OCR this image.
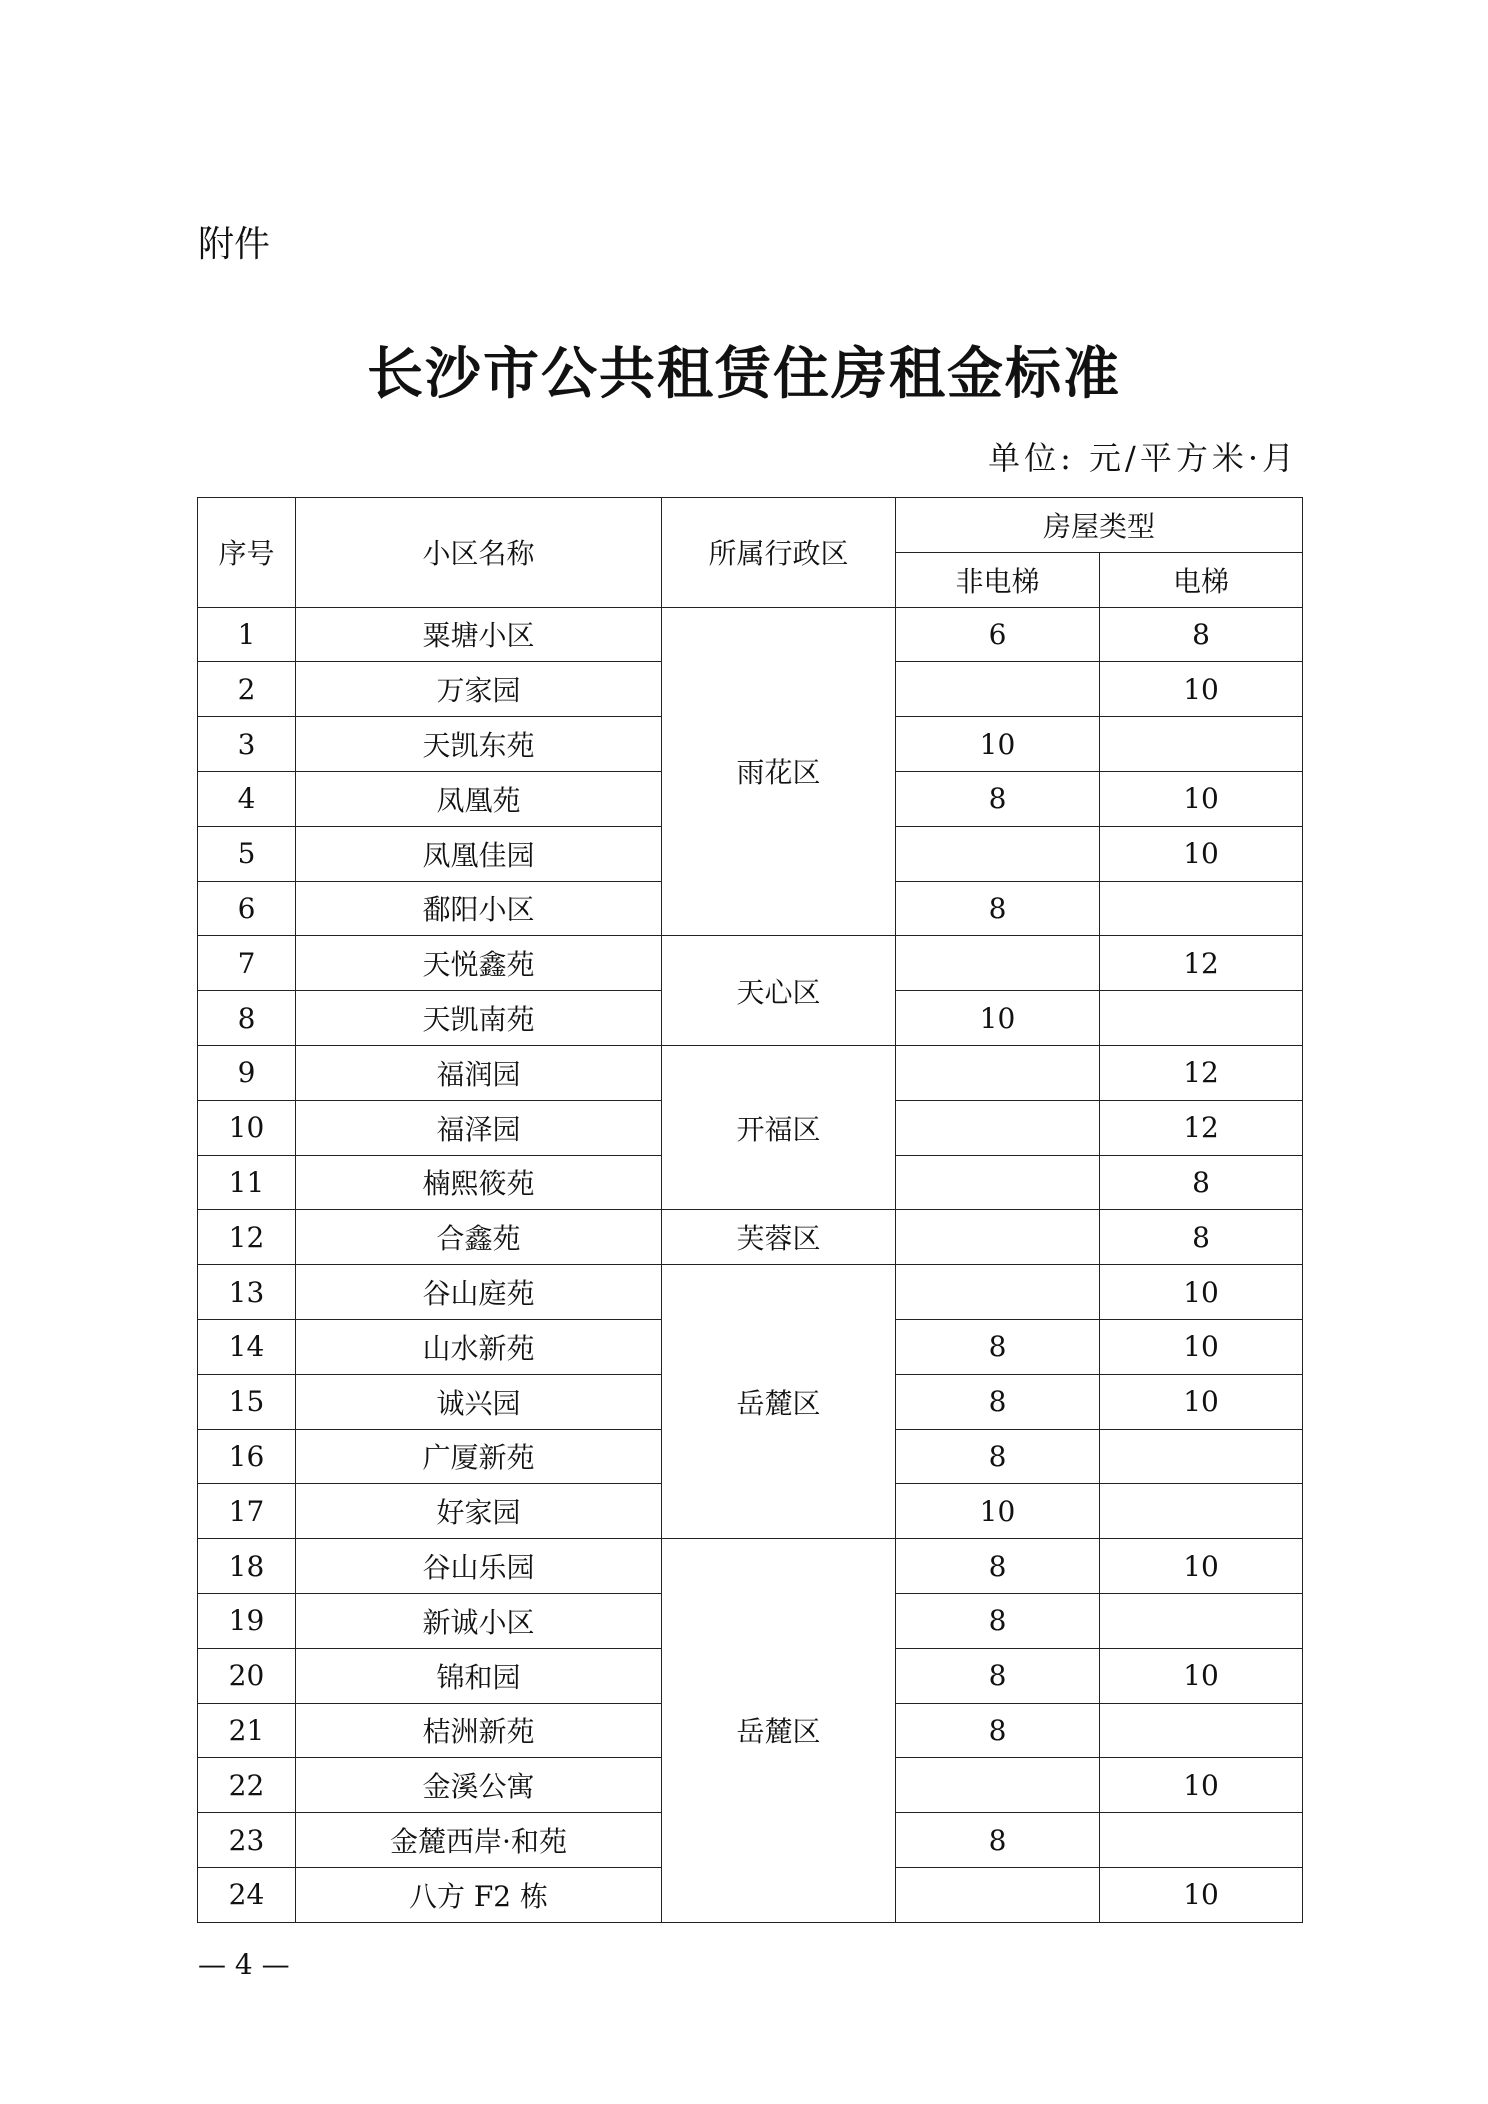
附件
长沙市公共租赁住房租金标准
单位: 元/平方米·月
序号	小区名称	所属行政区	房屋类型	
			非电梯	电梯
1	粟塘小区	雨花区	6	8
2	万家园			10
3	天凯东苑		10	
4	凤凰苑		8	10
5	凤凰佳园			10
6	鄱阳小区		8	
7	天悦鑫苑	天心区		12
8	天凯南苑		10	
9	福润园	开福区		12
10	福泽园			12
11	楠熙筱苑			8
12	合鑫苑	芙蓉区		8
13	谷山庭苑	岳麓区		10
14	山水新苑		8	10
15	诚兴园		8	10
16	广厦新苑		8	
17	好家园		10	
18	谷山乐园	岳麓区	8	10
19	新诚小区		8	
20	锦和园		8	10
21	桔洲新苑		8	
22	金溪公寓			10
23	金麓西岸·和苑		8	
24	八方 F2 栋			10
— 4 —
